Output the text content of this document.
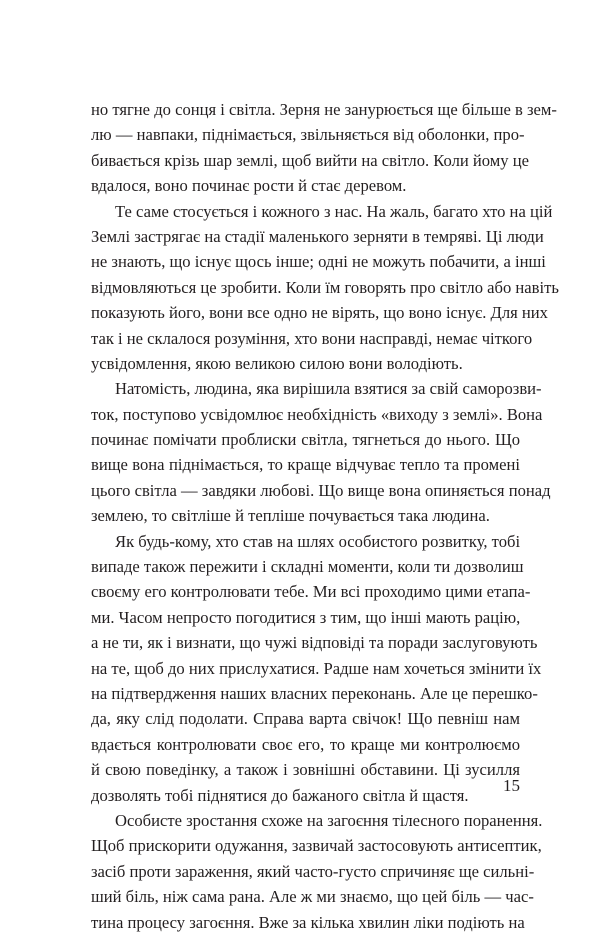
но тягне до сонця і світла. Зерня не занурюється ще більше в зем-
лю — навпаки, піднімається, звільняється від оболонки, про-
бивається крізь шар землі, щоб вийти на світло. Коли йому це
вдалося, воно починає рости й стає деревом.
Те саме стосується і кожного з нас. На жаль, багато хто на цій
Землі застрягає на стадії маленького зерняти в темряві. Ці люди
не знають, що існує щось інше; одні не можуть побачити, а інші
відмовляються це зробити. Коли їм говорять про світло або навіть
показують його, вони все одно не вірять, що воно існує. Для них
так і не склалося розуміння, хто вони насправді, немає чіткого
усвідомлення, якою великою силою вони володіють.
Натомість, людина, яка вирішила взятися за свій саморозви-
ток, поступово усвідомлює необхідність «виходу з землі». Вона
починає помічати проблиски світла, тягнеться до нього. Що
вище вона піднімається, то краще відчуває тепло та промені
цього світла — завдяки любові. Що вище вона опиняється понад
землею, то світліше й тепліше почувається така людина.
Як будь-кому, хто став на шлях особистого розвитку, тобі
випаде також пережити і складні моменти, коли ти дозволиш
своєму его контролювати тебе. Ми всі проходимо цими етапа-
ми. Часом непросто погодитися з тим, що інші мають рацію,
а не ти, як і визнати, що чужі відповіді та поради заслуговують
на те, щоб до них прислухатися. Радше нам хочеться змінити їх
на підтвердження наших власних переконань. Але це перешко-
да, яку слід подолати. Справа варта свічок! Що певніш нам
вдається контролювати своє его, то краще ми контролюємо
й свою поведінку, а також і зовнішні обставини. Ці зусилля
дозволять тобі піднятися до бажаного світла й щастя.
Особисте зростання схоже на загоєння тілесного поранення.
Щоб прискорити одужання, зазвичай застосовують антисептик,
засіб проти зараження, який часто-густо спричиняє ще сильні-
ший біль, ніж сама рана. Але ж ми знаємо, що цей біль — час-
тина процесу загоєння. Вже за кілька хвилин ліки подіють на
15
